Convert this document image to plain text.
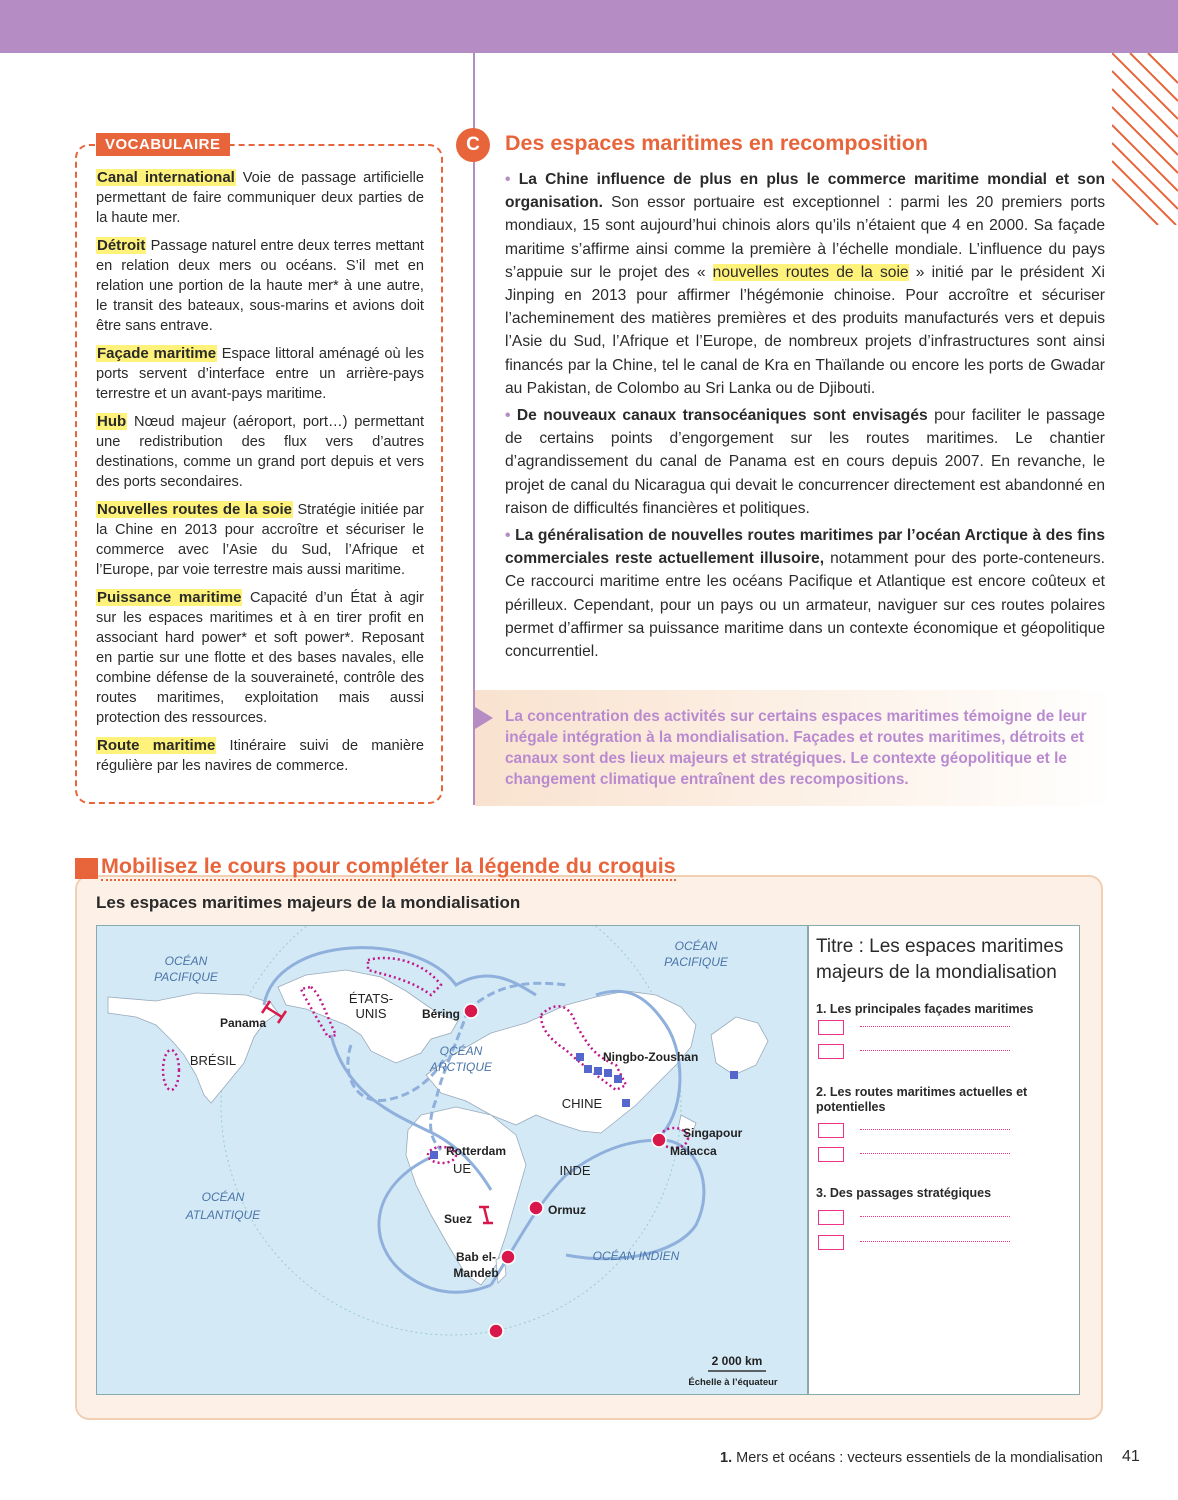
VOCABULAIRE
Canal international Voie de passage artificielle permettant de faire communiquer deux parties de la haute mer.
Détroit Passage naturel entre deux terres mettant en relation deux mers ou océans. S’il met en relation une portion de la haute mer* à une autre, le transit des bateaux, sous-marins et avions doit être sans entrave.
Façade maritime Espace littoral aménagé où les ports servent d’interface entre un arrière-pays terrestre et un avant-pays maritime.
Hub Nœud majeur (aéroport, port…) permettant une redistribution des flux vers d’autres destinations, comme un grand port depuis et vers des ports secondaires.
Nouvelles routes de la soie Stratégie initiée par la Chine en 2013 pour accroître et sécuriser le commerce avec l’Asie du Sud, l’Afrique et l’Europe, par voie terrestre mais aussi maritime.
Puissance maritime Capacité d’un État à agir sur les espaces maritimes et à en tirer profit en associant hard power* et soft power*. Reposant en partie sur une flotte et des bases navales, elle combine défense de la souveraineté, contrôle des routes maritimes, exploitation mais aussi protection des ressources.
Route maritime Itinéraire suivi de manière régulière par les navires de commerce.
C	Des espaces maritimes en recomposition

• La Chine influence de plus en plus le commerce maritime mondial et son organisation. Son essor portuaire est exceptionnel : parmi les 20 premiers ports mondiaux, 15 sont aujourd’hui chinois alors qu’ils n’étaient que 4 en 2000. Sa façade maritime s’affirme ainsi comme la première à l’échelle mondiale. L’influence du pays s’appuie sur le projet des « nouvelles routes de la soie » initié par le président Xi Jinping en 2013 pour affirmer l’hégémonie chinoise. Pour accroître et sécuriser l’acheminement des matières premières et des produits manufacturés vers et depuis l’Asie du Sud, l’Afrique et l’Europe, de nombreux projets d’infrastructures sont ainsi financés par la Chine, tel le canal de Kra en Thaïlande ou encore les ports de Gwadar au Pakistan, de Colombo au Sri Lanka ou de Djibouti.

• De nouveaux canaux transocéaniques sont envisagés pour faciliter le passage de certains points d’engorgement sur les routes maritimes. Le chantier d’agrandissement du canal de Panama est en cours depuis 2007. En revanche, le projet de canal du Nicaragua qui devait le concurrencer directement est abandonné en raison de difficultés financières et politiques.

• La généralisation de nouvelles routes maritimes par l’océan Arctique à des fins commerciales reste actuellement illusoire, notamment pour des porte-conteneurs. Ce raccourci maritime entre les océans Pacifique et Atlantique est encore coûteux et périlleux. Cependant, pour un pays ou un armateur, naviguer sur ces routes polaires permet d’affirmer sa puissance maritime dans un contexte économique et géopolitique concurrentiel.

La concentration des activités sur certains espaces maritimes témoigne de leur inégale intégration à la mondialisation. Façades et routes maritimes, détroits et canaux sont des lieux majeurs et stratégiques. Le contexte géopolitique et le changement climatique entraînent des recompositions.
Mobilisez le cours pour compléter la légende du croquis
Les espaces maritimes majeurs de la mondialisation
OCÉAN PACIFIQUE
OCÉAN PACIFIQUE
OCÉAN ARCTIQUE
OCÉAN ATLANTIQUE
OCÉAN INDIEN
ÉTATS-UNIS
BRÉSIL
CHINE
INDE
UE
Panama
Béring
Ningbo-Zoushan
Singapour
Malacca
Rotterdam
Ormuz
Suez
Bab el-Mandeb
2 000 km
Échelle à l’équateur
Titre : Les espaces maritimes majeurs de la mondialisation
1. Les principales façades maritimes
2. Les routes maritimes actuelles et potentielles
3. Des passages stratégiques
1. Mers et océans : vecteurs essentiels de la mondialisation 41
